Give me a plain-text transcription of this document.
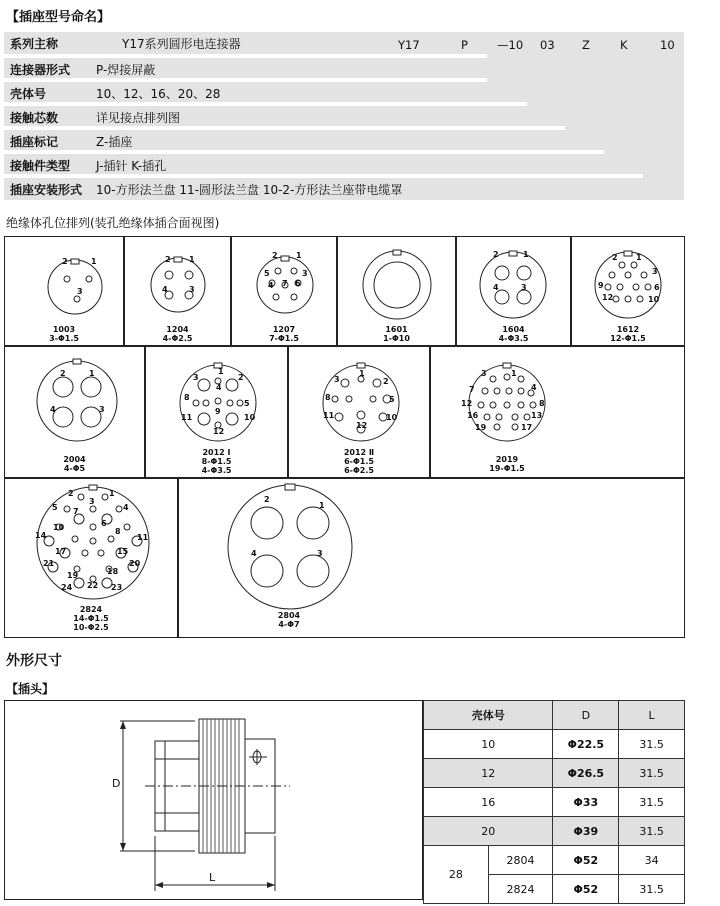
【插座型号命名】
系列主称	Y17系列圆形电连接器
连接器形式 P-焊接屏蔽
壳体号	10、12、16、20、28
接触芯数	详见接点排列图
插座标记	Z-插座
接触件类型 J-插针 K-插孔
插座安装形式 10-方形法兰盘 11-圆形法兰盘 10-2-方形法兰座带电缆罩
Y17	P	—10 03 Z	K	10
绝缘体孔位排列(装孔绝缘体插合面视图)
2	1
3
1003
3-Φ1.5
2 1
4	3
1204
4-Φ2.5
2 1
5	3
7 6
4
1207
7-Φ1.5
1601
1-Φ10
2	1
4	3
1604
4-Φ3.5
2 1
3
9	6
12	10
1612
12-Φ1.5
2	1
4	3
2004
4-Φ5
3
1
2
4
8
5
11	10
9
12
2012 Ⅰ
8-Φ1.5
4-Φ3.5
3
1
2
8	5
11	10
12
2012 Ⅱ
6-Φ1.5
6-Φ2.5
3	1
7	4
12	8
16	13
19	17
2019
19-Φ1.5
2	1
3
5 7	4
10	8
14
6
11
17	15
21	20
19	18
22
24	23
2824
14-Φ1.5
10-Φ2.5
2
1
4	3
2804
4-Φ7
外形尺寸
【插头】
D
L
壳体号		D	L
10		Φ22.5	31.5
12		Φ26.5	31.5
16		Φ33	31.5
20		Φ39	31.5
28	2804	Φ52	34
	2824	Φ52	31.5
